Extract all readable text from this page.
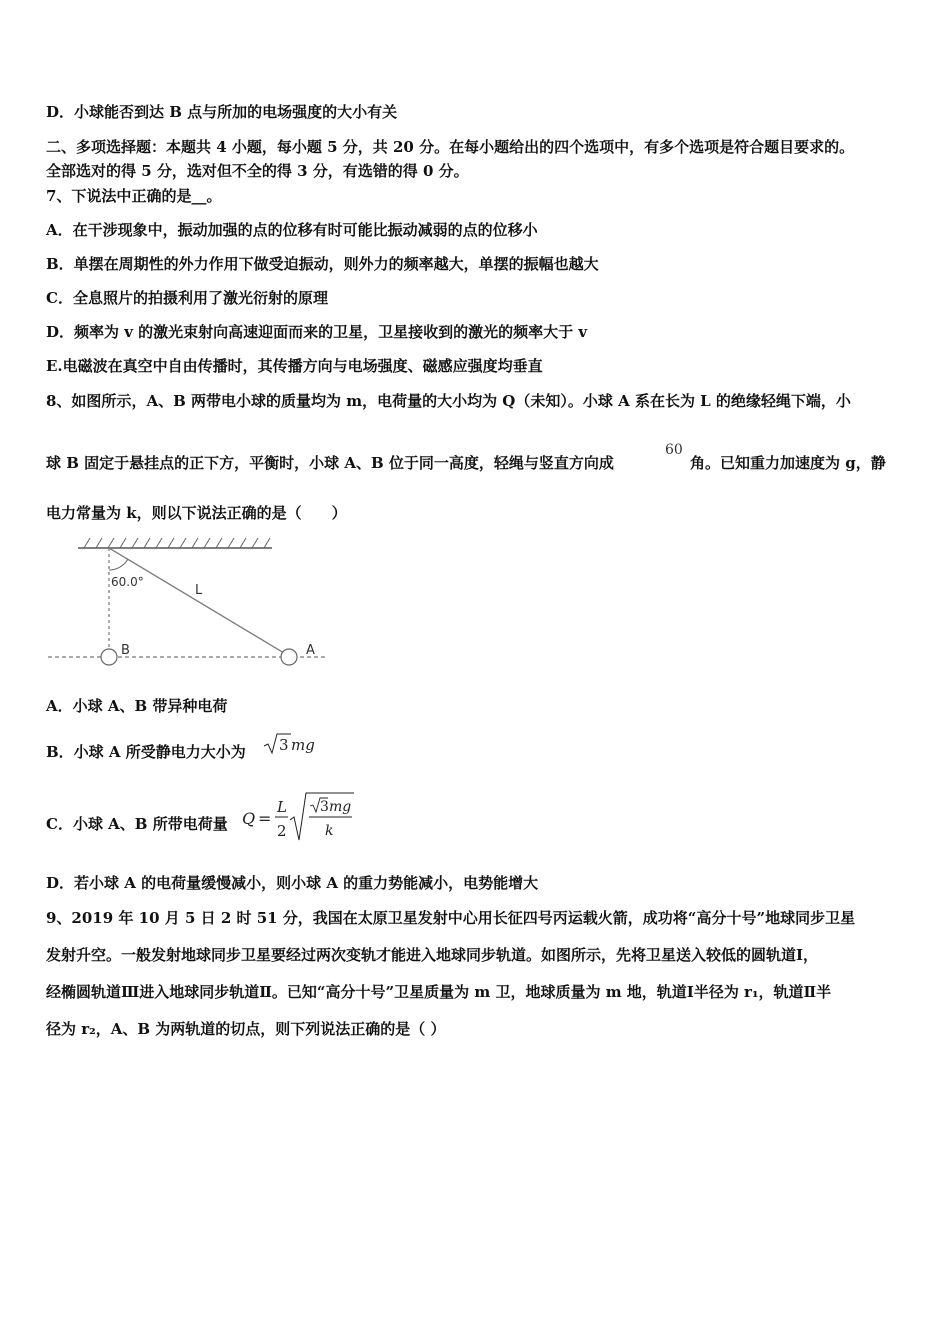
D．小球能否到达 B 点与所加的电场强度的大小有关
二、多项选择题：本题共 4 小题，每小题 5 分，共 20 分。在每小题给出的四个选项中，有多个选项是符合题目要求的。
全部选对的得 5 分，选对但不全的得 3 分，有选错的得 0 分。
7、下说法中正确的是__。
A．在干涉现象中，振动加强的点的位移有时可能比振动减弱的点的位移小
B．单摆在周期性的外力作用下做受迫振动，则外力的频率越大，单摆的振幅也越大
C．全息照片的拍摄利用了激光衍射的原理
D．频率为 v 的激光束射向高速迎面而来的卫星，卫星接收到的激光的频率大于 v
E.电磁波在真空中自由传播时，其传播方向与电场强度、磁感应强度均垂直
8、如图所示，A、B 两带电小球的质量均为 m，电荷量的大小均为 Q（未知）。小球 A 系在长为 L 的绝缘轻绳下端，小
球 B 固定于悬挂点的正下方，平衡时，小球 A、B 位于同一高度，轻绳与竖直方向成
60
角。已知重力加速度为 g，静
电力常量为 k，则以下说法正确的是（　　）
60.0°
L
B	A
A．小球 A、B 带异种电荷
B．小球 A 所受静电力大小为 3 mg
C．小球 A、B 所带电荷量 Q =
L
2
3 mg
k
D．若小球 A 的电荷量缓慢减小，则小球 A 的重力势能减小，电势能增大
9、2019 年 10 月 5 日 2 时 51 分，我国在太原卫星发射中心用长征四号丙运载火箭，成功将“高分十号”地球同步卫星
发射升空。一般发射地球同步卫星要经过两次变轨才能进入地球同步轨道。如图所示，先将卫星送入较低的圆轨道Ⅰ，
经椭圆轨道Ⅲ进入地球同步轨道Ⅱ。已知“高分十号”卫星质量为 m 卫，地球质量为 m 地，轨道Ⅰ半径为 r₁，轨道Ⅱ半
径为 r₂，A、B 为两轨道的切点，则下列说法正确的是（ ）
